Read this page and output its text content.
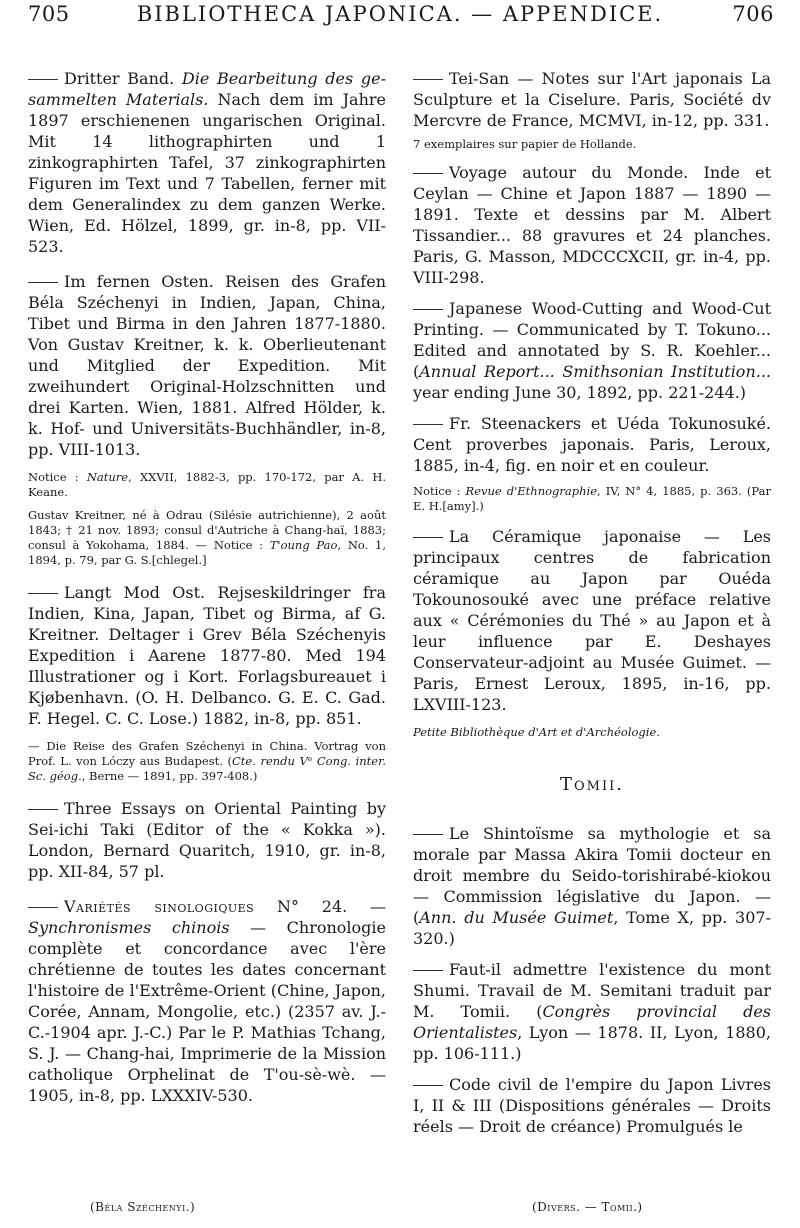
705	BIBLIOTHECA JAPONICA. — APPENDICE.	706

Dritter Band. Die Bearbeitung des ge-sammelten Materials. Nach dem im Jahre 1897 erschienenen ungarischen Original. Mit 14 lithographirten und 1 zinkographirten Tafel, 37 zinkographirten Figuren im Text und 7 Tabellen, ferner mit dem Generalindex zu dem ganzen Werke. Wien, Ed. Hölzel, 1899, gr. in-8, pp. VII-523.

Im fernen Osten. Reisen des Grafen Béla Széchenyi in Indien, Japan, China, Tibet und Birma in den Jahren 1877-1880. Von Gustav Kreitner, k. k. Oberlieutenant und Mitglied der Expedition. Mit zweihundert Original-Holzschnitten und drei Karten. Wien, 1881. Alfred Hölder, k. k. Hof- und Universitäts-Buchhändler, in-8, pp. VIII-1013.

Notice : Nature, XXVII, 1882-3, pp. 170-172, par A. H. Keane.

Gustav Kreitner, né à Odrau (Silésie autrichienne), 2 août 1843; † 21 nov. 1893; consul d'Autriche à Chang-haï, 1883; consul à Yokohama, 1884. — Notice : T'oung Pao, No. 1, 1894, p. 79, par G. S.[chlegel.]

Langt Mod Ost. Rejseskildringer fra Indien, Kina, Japan, Tibet og Birma, af G. Kreitner. Deltager i Grev Béla Széchenyis Expedition i Aarene 1877-80. Med 194 Illustrationer og i Kort. Forlagsbureauet i Kjøbenhavn. (O. H. Delbanco. G. E. C. Gad. F. Hegel. C. C. Lose.) 1882, in-8, pp. 851.

— Die Reise des Grafen Széchenyi in China. Vortrag von Prof. L. von Lóczy aus Budapest. (Cte. rendu Vᵉ Cong. inter. Sc. géog., Berne — 1891, pp. 397-408.)

Three Essays on Oriental Painting by Sei-ichi Taki (Editor of the « Kokka »). London, Bernard Quaritch, 1910, gr. in-8, pp. XII-84, 57 pl.

Variétés sinologiques N° 24. — Synchronismes chinois — Chronologie complète et concordance avec l'ère chrétienne de toutes les dates concernant l'histoire de l'Extrême-Orient (Chine, Japon, Corée, Annam, Mongolie, etc.) (2357 av. J.-C.-1904 apr. J.-C.) Par le P. Mathias Tchang, S. J. — Chang-hai, Imprimerie de la Mission catholique Orphelinat de T'ou-sè-wè. — 1905, in-8, pp. LXXXIV-530.

Tei-San — Notes sur l'Art japonais La Sculpture et la Ciselure. Paris, Société dv Mercvre de France, MCMVI, in-12, pp. 331.

7 exemplaires sur papier de Hollande.

Voyage autour du Monde. Inde et Ceylan — Chine et Japon 1887 — 1890 — 1891. Texte et dessins par M. Albert Tissandier... 88 gravures et 24 planches. Paris, G. Masson, MDCCCXCII, gr. in-4, pp. VIII-298.

Japanese Wood-Cutting and Wood-Cut Printing. — Communicated by T. Tokuno... Edited and annotated by S. R. Koehler... (Annual Report... Smithsonian Institution... year ending June 30, 1892, pp. 221-244.)

Fr. Steenackers et Uéda Tokunosuké. Cent proverbes japonais. Paris, Leroux, 1885, in-4, fig. en noir et en couleur.

Notice : Revue d'Ethnographie, IV, N° 4, 1885, p. 363. (Par E. H.[amy].)

La Céramique japonaise — Les principaux centres de fabrication céramique au Japon par Ouéda Tokounosouké avec une préface relative aux « Cérémonies du Thé » au Japon et à leur influence par E. Deshayes Conservateur-adjoint au Musée Guimet. — Paris, Ernest Leroux, 1895, in-16, pp. LXVIII-123.

Petite Bibliothèque d'Art et d'Archéologie.

Tomii.

Le Shintoïsme sa mythologie et sa morale par Massa Akira Tomii docteur en droit membre du Seido-torishirabé-kiokou — Commission législative du Japon. — (Ann. du Musée Guimet, Tome X, pp. 307-320.)

Faut-il admettre l'existence du mont Shumi. Travail de M. Semitani traduit par M. Tomii. (Congrès provincial des Orientalistes, Lyon — 1878. II, Lyon, 1880, pp. 106-111.)

Code civil de l'empire du Japon Livres I, II & III (Dispositions générales — Droits réels — Droit de créance) Promulgués le

(Béla Széchenyi.)	(Divers. — Tomii.)
